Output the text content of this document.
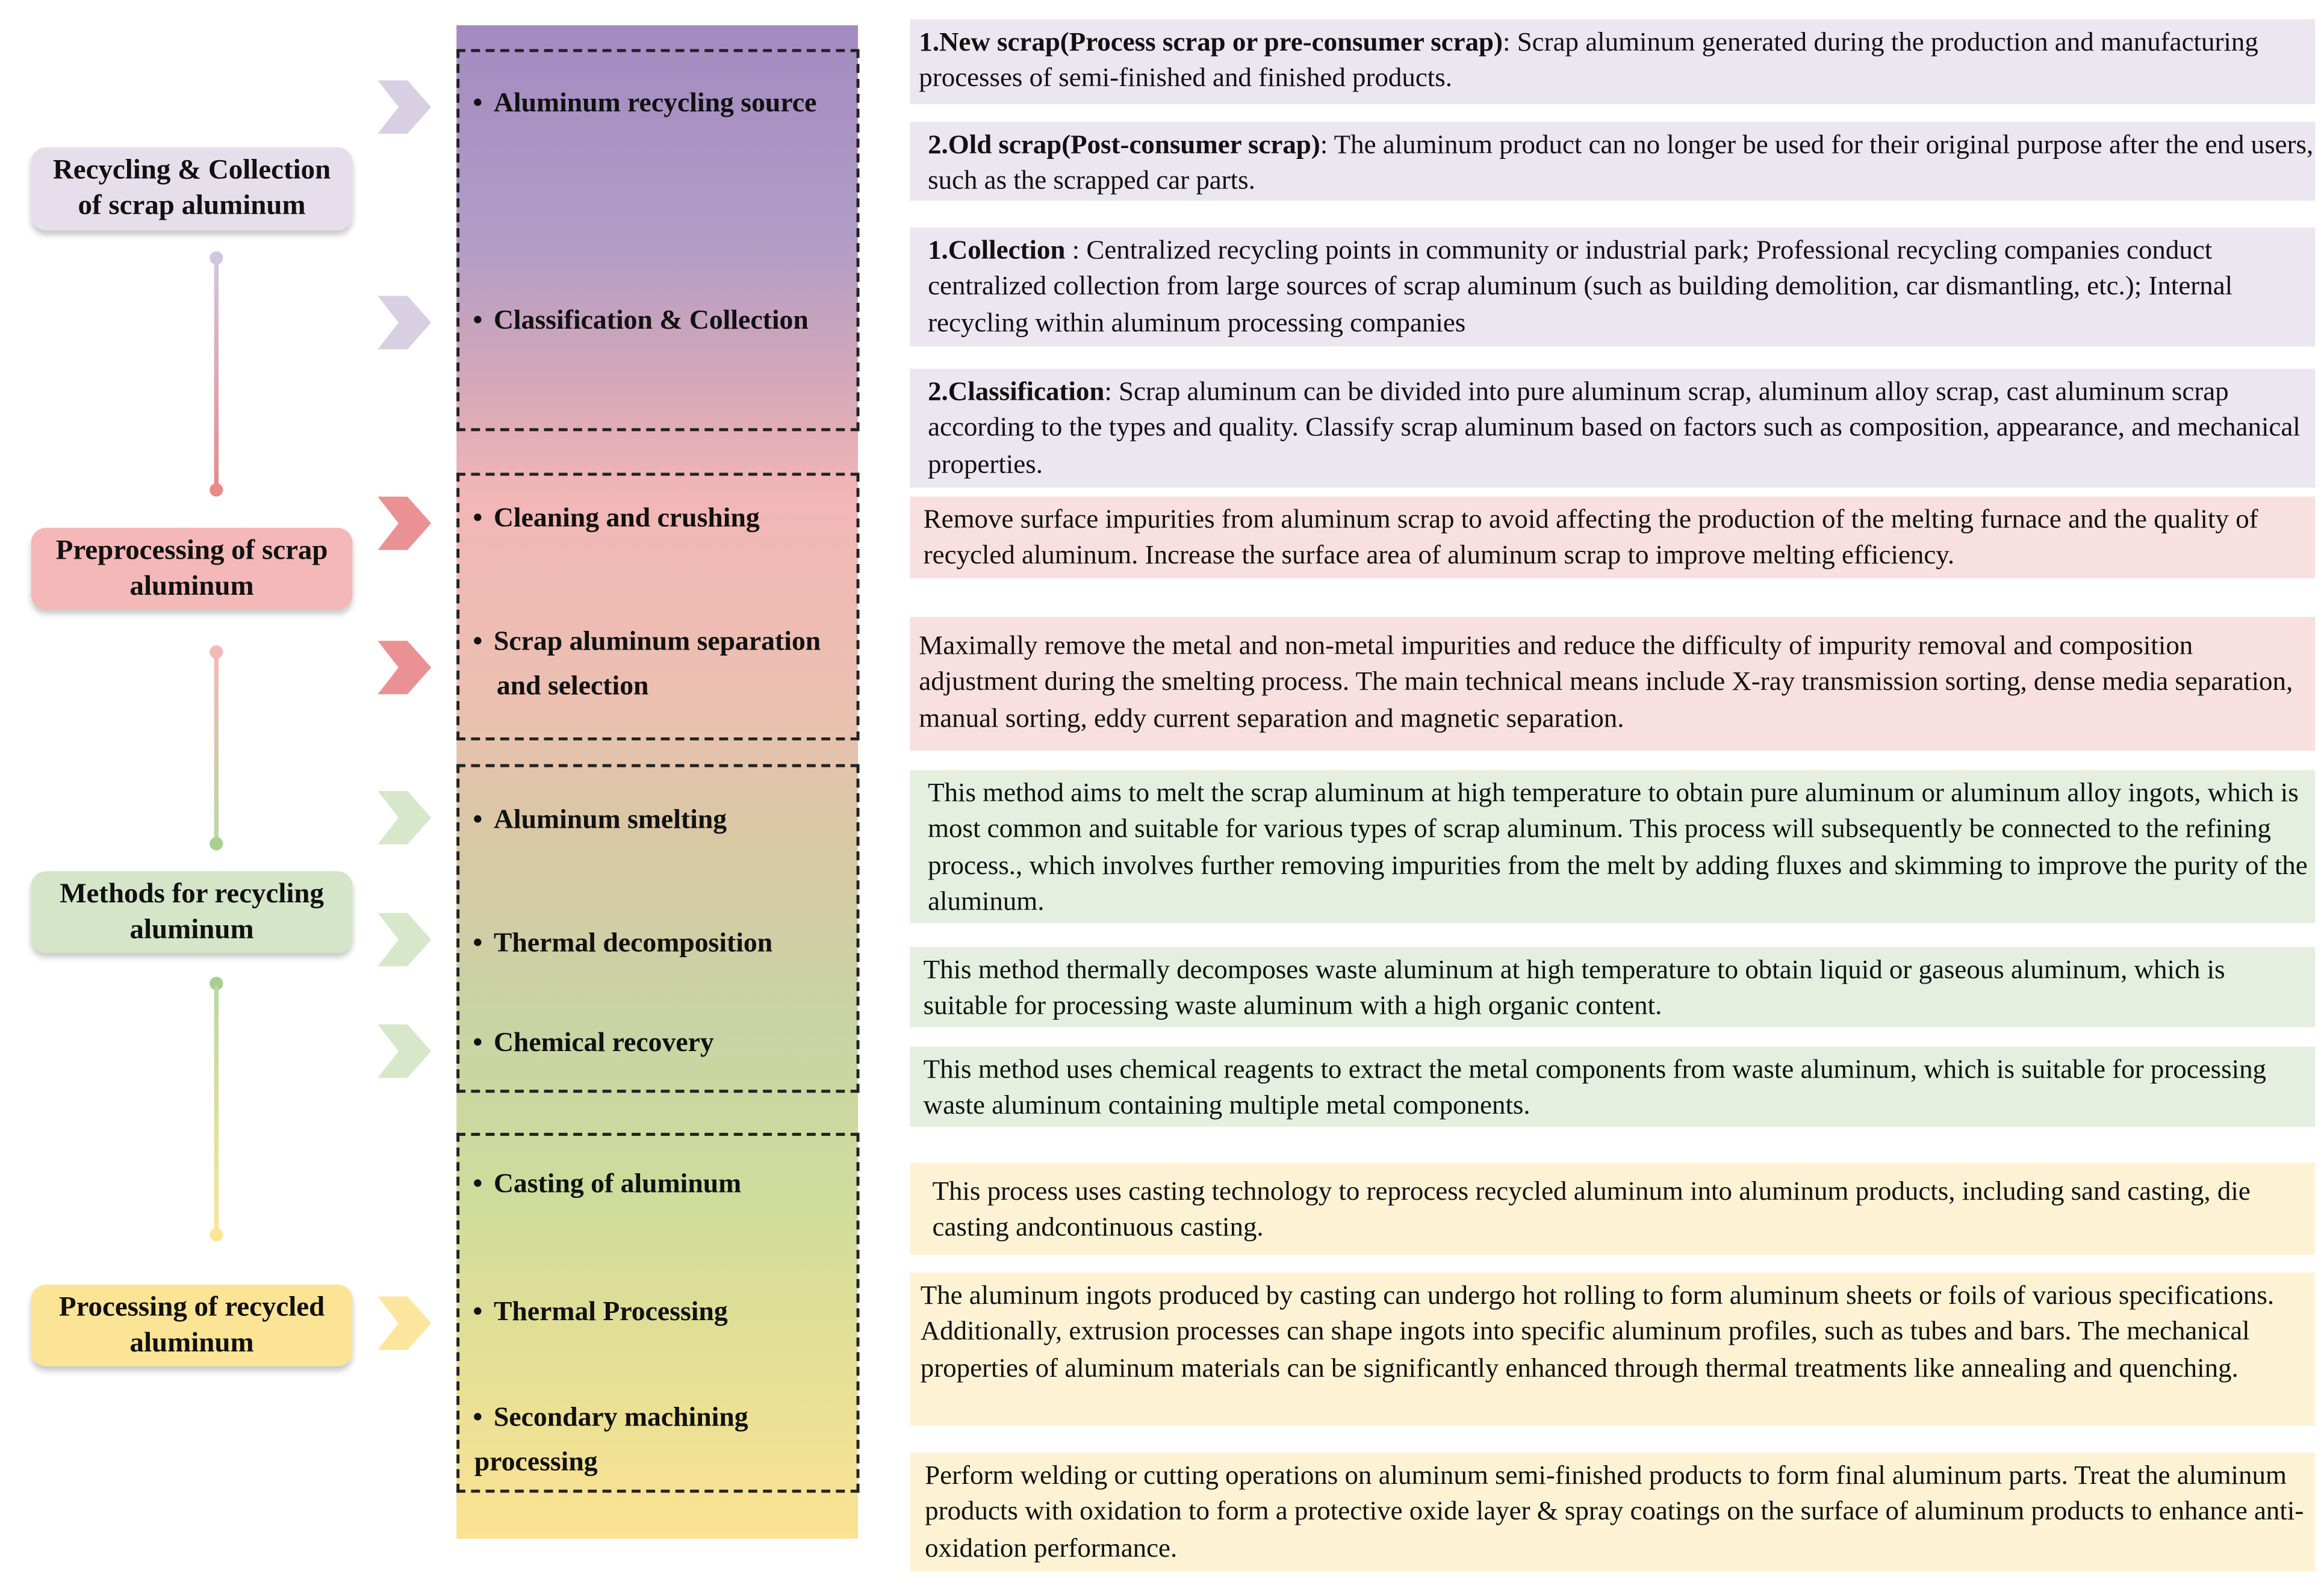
Recycling & Collection of scrap aluminum
Preprocessing of scrap aluminum
Methods for recycling aluminum
Processing of recycled aluminum
• Aluminum recycling source
• Classification & Collection
• Cleaning and crushing
• Scrap aluminum separation
and selection
• Aluminum smelting
• Thermal decomposition
• Chemical recovery
• Casting of aluminum
• Thermal Processing
• Secondary machining
processing
1.New scrap(Process scrap or pre-consumer scrap): Scrap aluminum generated during the production and manufacturing processes of semi-finished and finished products.
2.Old scrap(Post-consumer scrap): The aluminum product can no longer be used for their original purpose after the end users, such as the scrapped car parts.
1.Collection : Centralized recycling points in community or industrial park; Professional recycling companies conduct centralized collection from large sources of scrap aluminum (such as building demolition, car dismantling, etc.); Internal recycling within aluminum processing companies
2.Classification: Scrap aluminum can be divided into pure aluminum scrap, aluminum alloy scrap, cast aluminum scrap according to the types and quality. Classify scrap aluminum based on factors such as composition, appearance, and mechanical properties.
Remove surface impurities from aluminum scrap to avoid affecting the production of the melting furnace and the quality of recycled aluminum. Increase the surface area of aluminum scrap to improve melting efficiency.
Maximally remove the metal and non-metal impurities and reduce the difficulty of impurity removal and composition adjustment during the smelting process. The main technical means include X-ray transmission sorting, dense media separation, manual sorting, eddy current separation and magnetic separation.
This method aims to melt the scrap aluminum at high temperature to obtain pure aluminum or aluminum alloy ingots, which is most common and suitable for various types of scrap aluminum. This process will subsequently be connected to the refining process., which involves further removing impurities from the melt by adding fluxes and skimming to improve the purity of the aluminum.
This method thermally decomposes waste aluminum at high temperature to obtain liquid or gaseous aluminum, which is suitable for processing waste aluminum with a high organic content.
This method uses chemical reagents to extract the metal components from waste aluminum, which is suitable for processing waste aluminum containing multiple metal components.
This process uses casting technology to reprocess recycled aluminum into aluminum products, including sand casting, die casting andcontinuous casting.
The aluminum ingots produced by casting can undergo hot rolling to form aluminum sheets or foils of various specifications. Additionally, extrusion processes can shape ingots into specific aluminum profiles, such as tubes and bars. The mechanical properties of aluminum materials can be significantly enhanced through thermal treatments like annealing and quenching.
Perform welding or cutting operations on aluminum semi-finished products to form final aluminum parts. Treat the aluminum products with oxidation to form a protective oxide layer & spray coatings on the surface of aluminum products to enhance anti-oxidation performance.
